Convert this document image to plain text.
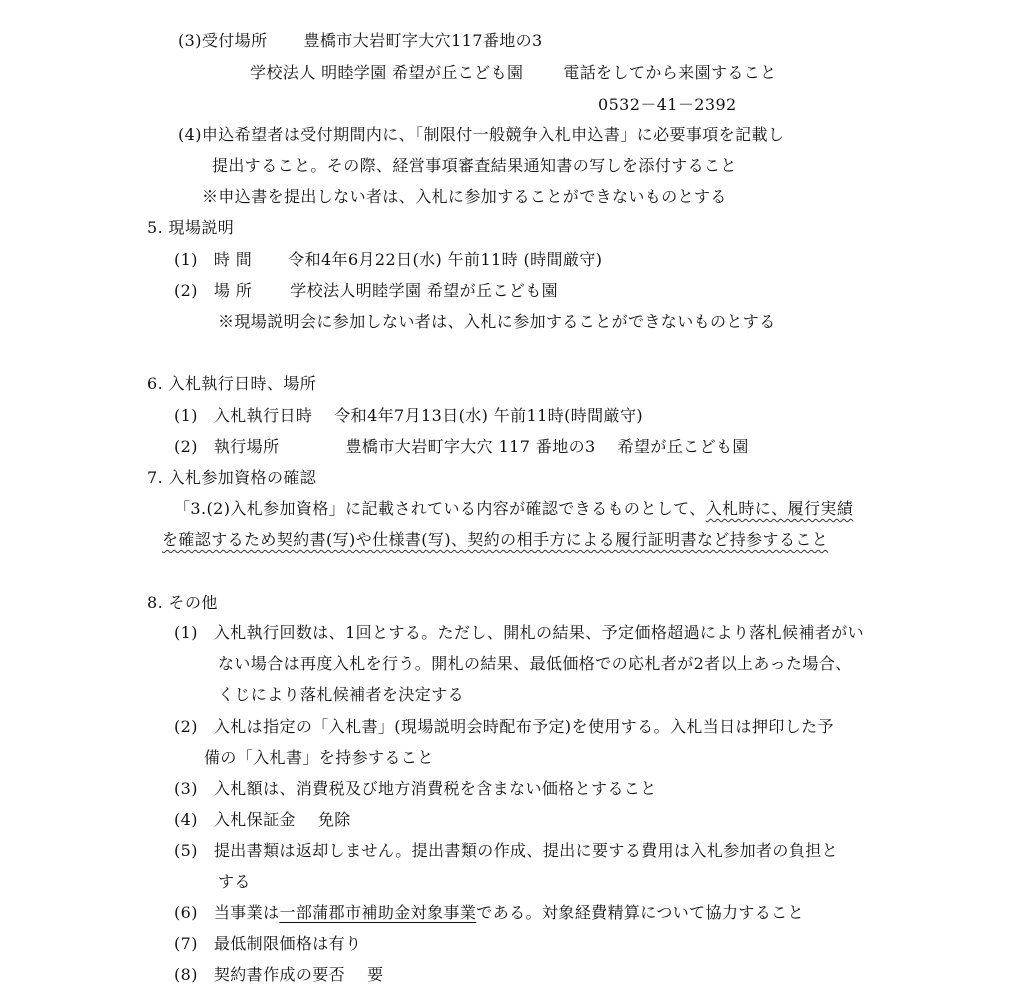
(3)受付場所 豊橋市大岩町字大穴117番地の3
学校法人 明睦学園 希望が丘こども園	電話をしてから来園すること
0532－41－2392
(4)申込希望者は受付期間内に、「制限付一般競争入札申込書」に必要事項を記載し
提出すること。その際、経営事項審査結果通知書の写しを添付すること
※申込書を提出しない者は、入札に参加することができないものとする
5. 現場説明
(1) 時 間 令和4年6月22日(水) 午前11時 (時間厳守)
(2) 場 所 学校法人明睦学園 希望が丘こども園
※現場説明会に参加しない者は、入札に参加することができないものとする
6. 入札執行日時、場所
(1) 入札執行日時 令和4年7月13日(水) 午前11時(時間厳守)
(2) 執行場所	豊橋市大岩町字大穴 117 番地の3 希望が丘こども園
7. 入札参加資格の確認
「3.(2)入札参加資格」に記載されている内容が確認できるものとして、入札時に、履行実績
を確認するため契約書(写)や仕様書(写)、契約の相手方による履行証明書など持参すること
8. その他
(1) 入札執行回数は、1回とする。ただし、開札の結果、予定価格超過により落札候補者がい
ない場合は再度入札を行う。開札の結果、最低価格での応札者が2者以上あった場合、
くじにより落札候補者を決定する
(2) 入札は指定の「入札書」(現場説明会時配布予定)を使用する。入札当日は押印した予
備の「入札書」を持参すること
(3) 入札額は、消費税及び地方消費税を含まない価格とすること
(4) 入札保証金 免除
(5) 提出書類は返却しません。提出書類の作成、提出に要する費用は入札参加者の負担と
する
(6) 当事業は一部蒲郡市補助金対象事業である。対象経費精算について協力すること
(7) 最低制限価格は有り
(8) 契約書作成の要否 要
